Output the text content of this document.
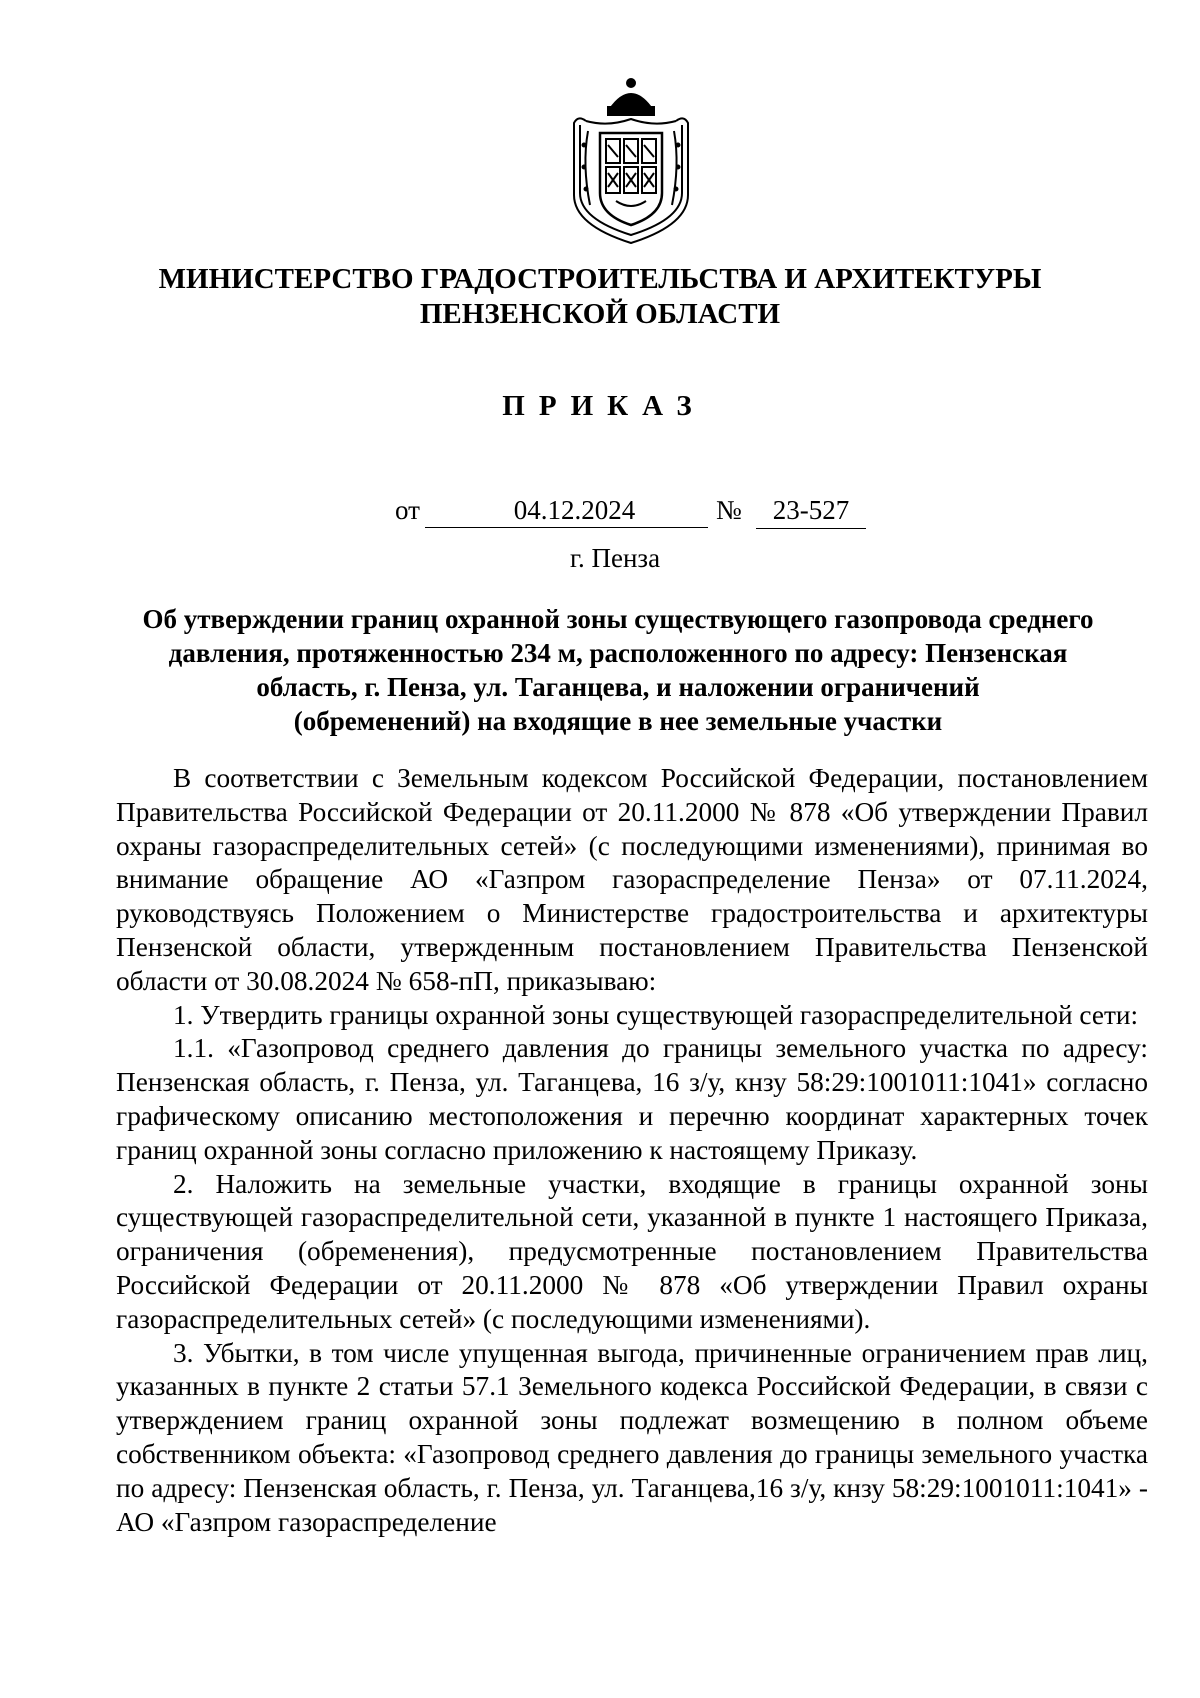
МИНИСТЕРСТВО ГРАДОСТРОИТЕЛЬСТВА И АРХИТЕКТУРЫ
ПЕНЗЕНСКОЙ ОБЛАСТИ
ПРИКАЗ
от	04.12.2024	№	23-527
г. Пенза
Об утверждении границ охранной зоны существующего газопровода среднего
давления, протяженностью 234 м, расположенного по адресу: Пензенская
область, г. Пенза, ул. Таганцева, и наложении ограничений
(обременений) на входящие в нее земельные участки

В соответствии с Земельным кодексом Российской Федерации, постановлением Правительства Российской Федерации от 20.11.2000 № 878 «Об утверждении Правил охраны газораспределительных сетей» (с последующими изменениями), принимая во внимание обращение АО «Газпром газораспределение Пенза» от 07.11.2024, руководствуясь Положением о Министерстве градостроительства и архитектуры Пензенской области, утвержденным постановлением Правительства Пензенской области от 30.08.2024 № 658-пП, приказываю:

1. Утвердить границы охранной зоны существующей газораспределительной сети:

1.1. «Газопровод среднего давления до границы земельного участка по адресу: Пензенская область, г. Пенза, ул. Таганцева, 16 з/у, кнзу 58:29:1001011:1041» согласно графическому описанию местоположения и перечню координат характерных точек границ охранной зоны согласно приложению к настоящему Приказу.

2. Наложить на земельные участки, входящие в границы охранной зоны существующей газораспределительной сети, указанной в пункте 1 настоящего Приказа, ограничения (обременения), предусмотренные постановлением Правительства Российской Федерации от 20.11.2000 № 878 «Об утверждении Правил охраны газораспределительных сетей» (с последующими изменениями).

3. Убытки, в том числе упущенная выгода, причиненные ограничением прав лиц, указанных в пункте 2 статьи 57.1 Земельного кодекса Российской Федерации, в связи с утверждением границ охранной зоны подлежат возмещению в полном объеме собственником объекта: «Газопровод среднего давления до границы земельного участка по адресу: Пензенская область, г. Пенза, ул. Таганцева,16 з/у, кнзу 58:29:1001011:1041» - АО «Газпром газораспределение
